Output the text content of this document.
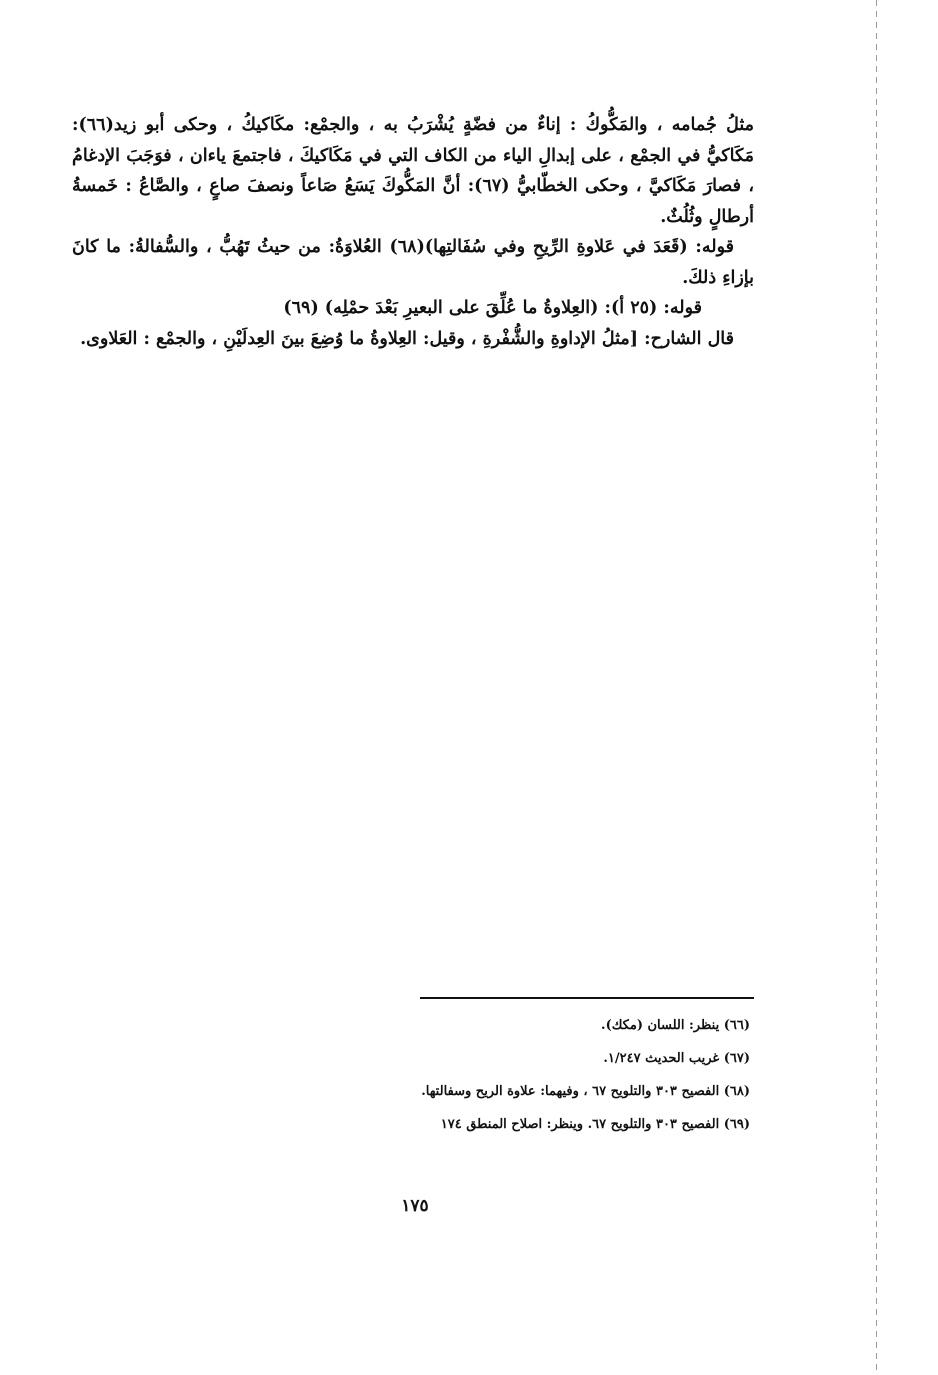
مثلُ جُمامه ، والمَكُّوكُ : إناءٌ من فضّةٍ يُشْرَبُ به ، والجمْع: مكَاكيكُ ، وحكى أبو زيد(٦٦): مَكَاكيُّ في الجمْع ، على إبدالِ الياء من الكاف التي في مَكَاكيكَ ، فاجتمعَ ياءان ، فوَجَبَ الإدغامُ ، فصارَ مَكَاكيَّ ، وحكى الخطّابيُّ (٦٧): أنَّ المَكُّوكَ يَسَعُ صَاعاً ونصفَ صاعٍ ، والصَّاعُ : خَمسةُ أرطالٍ وثُلُثٌ.

قوله: (قَعَدَ في عَلاوةِ الرِّيحِ وفي سُفَالتِها)(٦٨) العُلاوَةُ: من حيثُ تَهُبُّ ، والسُّفالةُ: ما كانَ بإزاءِ ذلكَ.

قوله: (٢٥ أ): (العِلاوةُ ما عُلِّقَ على البعيرِ بَعْدَ حمْلِه) (٦٩)

قال الشارح: [مثلُ الإداوةِ والشُّفْرةِ ، وقيل: العِلاوةُ ما وُضِعَ بينَ العِدلَيْنِ ، والجمْع : العَلاوى.

(٦٦) ينظر: اللسان (مكك).

(٦٧) غريب الحديث ١/٢٤٧.

(٦٨) الفصيح ٣٠٣ والتلويح ٦٧ ، وفيهما: علاوة الريح وسفالتها.

(٦٩) الفصيح ٣٠٣ والتلويح ٦٧. وينظر: اصلاح المنطق ١٧٤

١٧٥
